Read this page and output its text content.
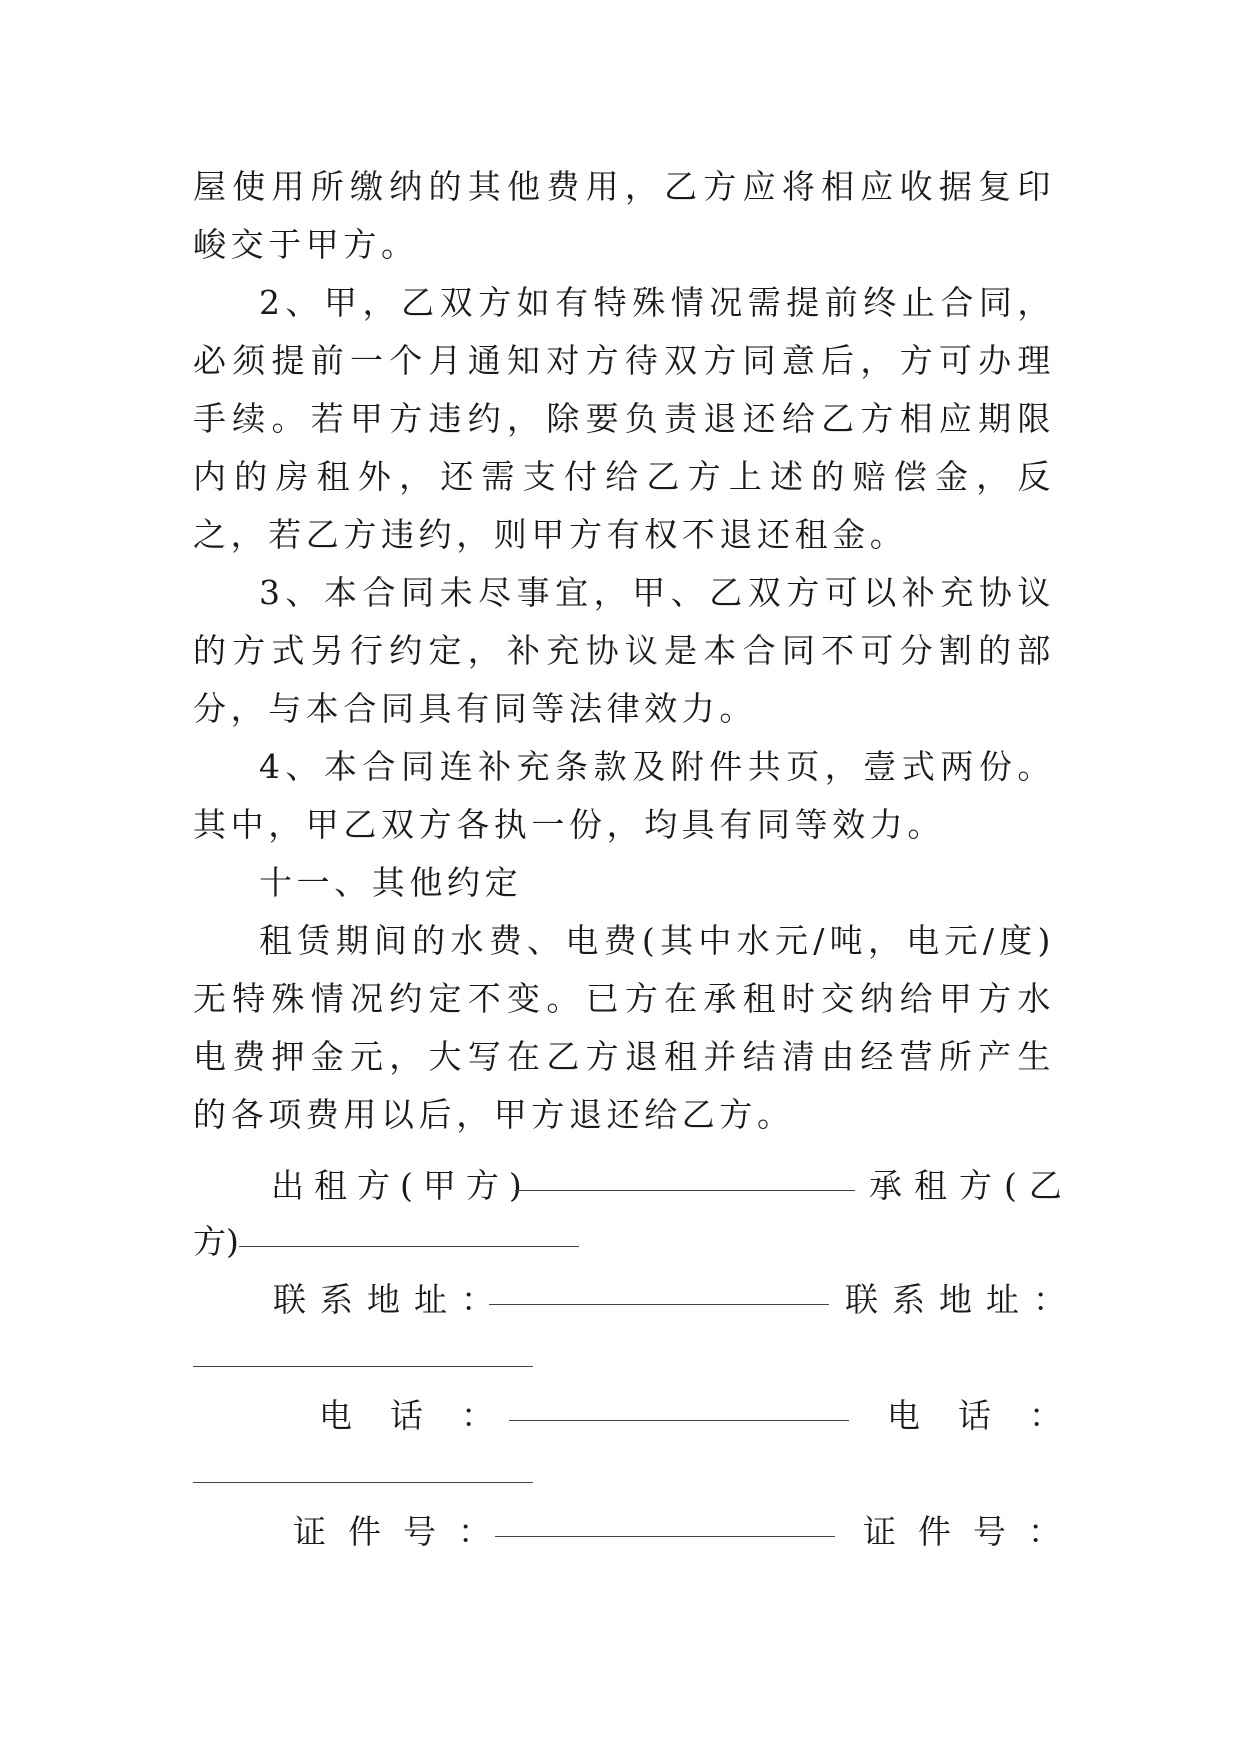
屋使用所缴纳的其他费用，乙方应将相应收据复印峻交于甲方。

2、甲，乙双方如有特殊情况需提前终止合同，必须提前一个月通知对方待双方同意后，方可办理手续。若甲方违约，除要负责退还给乙方相应期限内的房租外，还需支付给乙方上述的赔偿金，反之，若乙方违约，则甲方有权不退还租金。

3、本合同未尽事宜，甲、乙双方可以补充协议的方式另行约定，补充协议是本合同不可分割的部分，与本合同具有同等法律效力。

4、本合同连补充条款及附件共页，壹式两份。其中，甲乙双方各执一份，均具有同等效力。

十一、其他约定

租赁期间的水费、电费(其中水元/吨，电元/度)无特殊情况约定不变。已方在承租时交纳给甲方水电费押金元，大写在乙方退租并结清由经营所产生的各项费用以后，甲方退还给乙方。

出租方(甲方)	承租方(乙
方)
联系地址：	联系地址：
电话：	电话：
证件号：	证件号：
